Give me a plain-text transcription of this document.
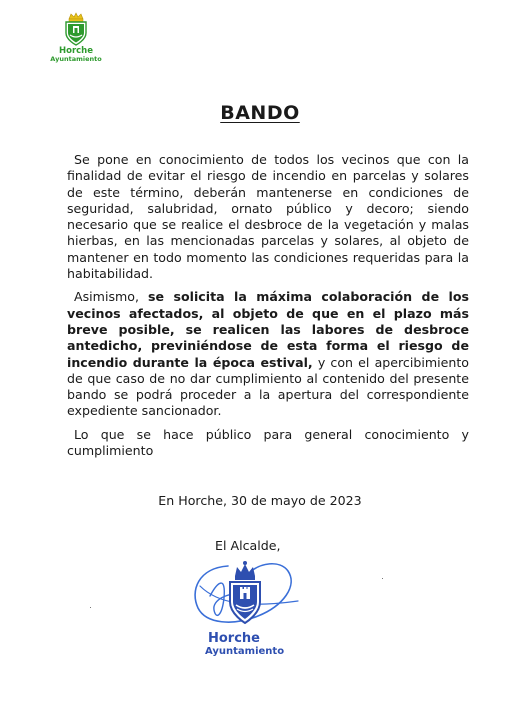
Horche
Ayuntamiento
BANDO

Se pone en conocimiento de todos los vecinos que con la finalidad de evitar el riesgo de incendio en parcelas y solares de este término, deberán mantenerse en condiciones de seguridad, salubridad, ornato público y decoro; siendo necesario que se realice el desbroce de la vegetación y malas hierbas, en las mencionadas parcelas y solares, al objeto de mantener en todo momento las condiciones requeridas para la habitabilidad.

Asimismo, se solicita la máxima colaboración de los vecinos afectados, al objeto de que en el plazo más breve posible, se realicen las labores de desbroce antedicho, previniéndose de esta forma el riesgo de incendio durante la época estival, y con el apercibimiento de que caso de no dar cumplimiento al contenido del presente bando se podrá proceder a la apertura del correspondiente expediente sancionador.

Lo que se hace público para general conocimiento y cumplimiento

En Horche, 30 de mayo de 2023
El Alcalde,
Horche
Ayuntamiento
